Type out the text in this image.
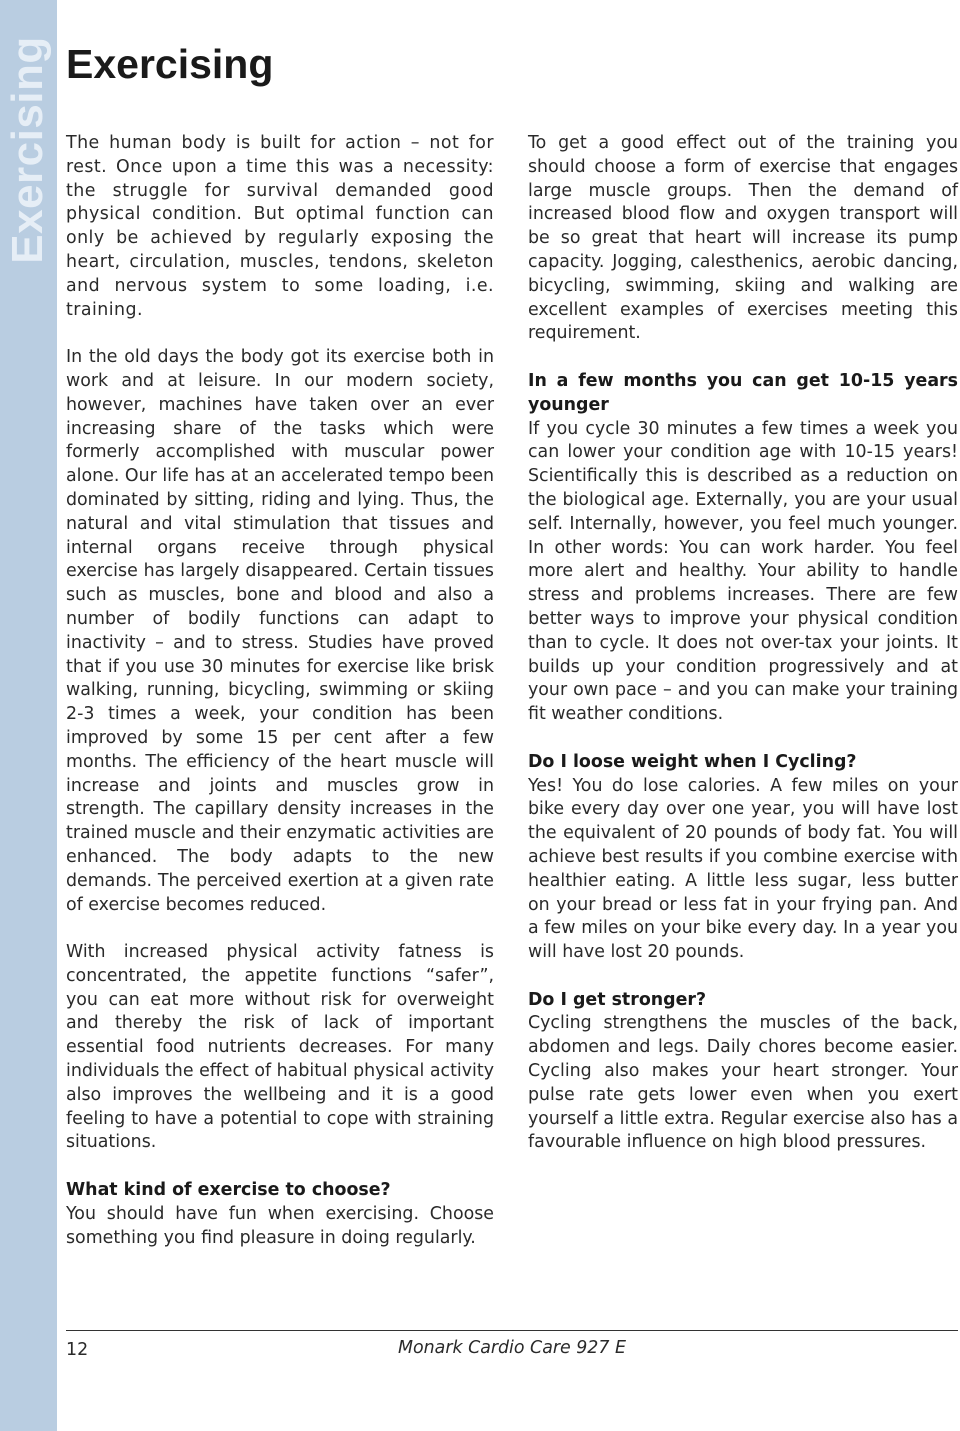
Exercising Exercising

The human body is built for action – not for rest. Once upon a time this was a necessity: the struggle for survival demanded good physical condition. But optimal function can only be achieved by regularly exposing the heart, circulation, muscles, tendons, skeleton and nervous system to some loading, i.e. training.

In the old days the body got its exercise both in work and at leisure. In our modern society, however, machines have taken over an ever increasing share of the tasks which were formerly accomplished with muscular power alone. Our life has at an accelerated tempo been dominated by sitting, riding and lying. Thus, the natural and vital stimulation that tissues and internal organs receive through physical exercise has largely disappeared. Certain tissues such as muscles, bone and blood and also a number of bodily functions can adapt to inactivity – and to stress. Studies have proved that if you use 30 minutes for exercise like brisk walking, running, bicycling, swimming or skiing 2-3 times a week, your condition has been improved by some 15 per cent after a few months. The efficiency of the heart muscle will increase and joints and muscles grow in strength. The capillary density increases in the trained muscle and their enzymatic activities are enhanced. The body adapts to the new demands. The perceived exertion at a given rate of exercise becomes reduced.

With increased physical activity fatness is concentrated, the appetite functions “safer”, you can eat more without risk for overweight and thereby the risk of lack of important essential food nutrients decreases. For many individuals the effect of habitual physical activity also improves the wellbeing and it is a good feeling to have a potential to cope with straining situations.

What kind of exercise to choose?

You should have fun when exercising. Choose something you find pleasure in doing regularly.

To get a good effect out of the training you should choose a form of exercise that engages large muscle groups. Then the demand of increased blood flow and oxygen transport will be so great that heart will increase its pump capacity. Jogging, calesthenics, aerobic dancing, bicycling, swimming, skiing and walking are excellent examples of exercises meeting this requirement.

In a few months you can get 10-15 years younger

If you cycle 30 minutes a few times a week you can lower your condition age with 10-15 years! Scientifically this is described as a reduction on the biological age. Externally, you are your usual self. Internally, however, you feel much younger. In other words: You can work harder. You feel more alert and healthy. Your ability to handle stress and problems increases. There are few better ways to improve your physical condition than to cycle. It does not over-tax your joints. It builds up your condition progressively and at your own pace – and you can make your training fit weather conditions.

Do I loose weight when I Cycling?

Yes! You do lose calories. A few miles on your bike every day over one year, you will have lost the equivalent of 20 pounds of body fat. You will achieve best results if you combine exercise with healthier eating. A little less sugar, less butter on your bread or less fat in your frying pan. And a few miles on your bike every day. In a year you will have lost 20 pounds.

Do I get stronger?

Cycling strengthens the muscles of the back, abdomen and legs. Daily chores become easier. Cycling also makes your heart stronger. Your pulse rate gets lower even when you exert yourself a little extra. Regular exercise also has a favourable influence on high blood pressures.

12	Monark Cardio Care 927 E
